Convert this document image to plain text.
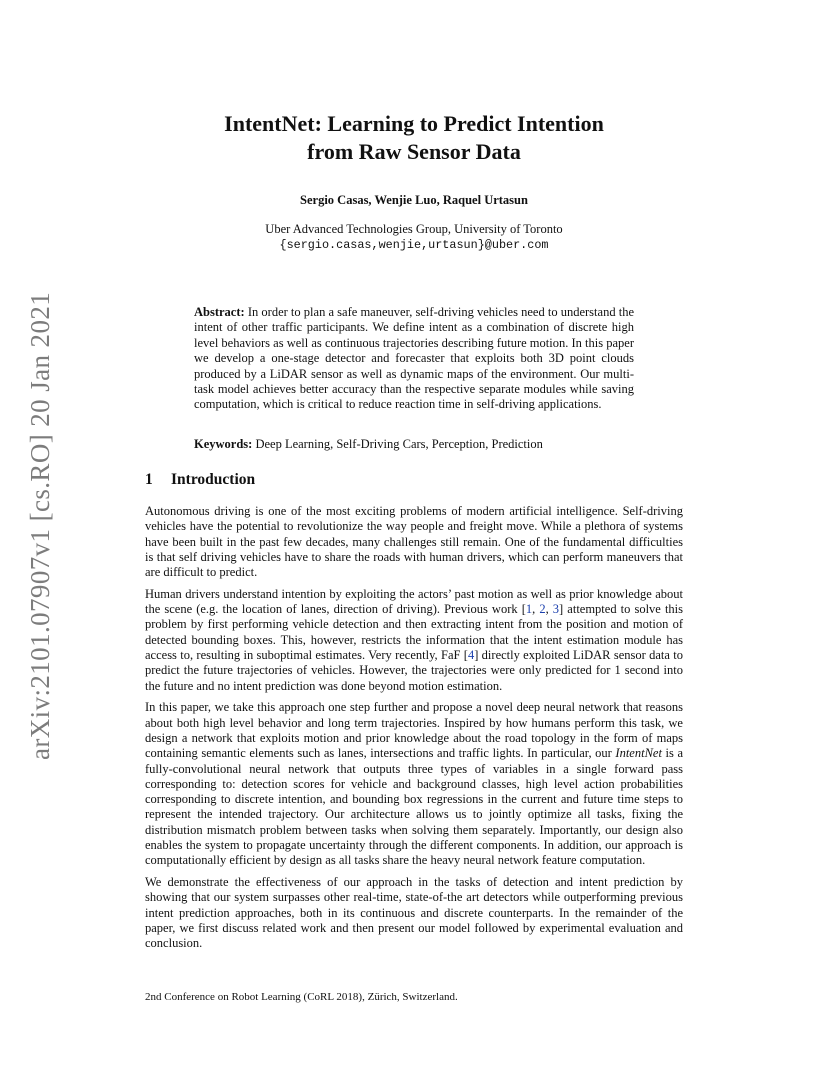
arXiv:2101.07907v1 [cs.RO] 20 Jan 2021
IntentNet: Learning to Predict Intention
from Raw Sensor Data
Sergio Casas, Wenjie Luo, Raquel Urtasun
Uber Advanced Technologies Group, University of Toronto
{sergio.casas,wenjie,urtasun}@uber.com
Abstract: In order to plan a safe maneuver, self-driving vehicles need to understand the intent of other traffic participants. We define intent as a combination of discrete high level behaviors as well as continuous trajectories describing future motion. In this paper we develop a one-stage detector and forecaster that exploits both 3D point clouds produced by a LiDAR sensor as well as dynamic maps of the environment. Our multi-task model achieves better accuracy than the respective separate modules while saving computation, which is critical to reduce reaction time in self-driving applications.
Keywords: Deep Learning, Self-Driving Cars, Perception, Prediction
1 Introduction

Autonomous driving is one of the most exciting problems of modern artificial intelligence. Self-driving vehicles have the potential to revolutionize the way people and freight move. While a plethora of systems have been built in the past few decades, many challenges still remain. One of the fundamental difficulties is that self driving vehicles have to share the roads with human drivers, which can perform maneuvers that are difficult to predict.

Human drivers understand intention by exploiting the actors’ past motion as well as prior knowledge about the scene (e.g. the location of lanes, direction of driving). Previous work [1, 2, 3] attempted to solve this problem by first performing vehicle detection and then extracting intent from the position and motion of detected bounding boxes. This, however, restricts the information that the intent estimation module has access to, resulting in suboptimal estimates. Very recently, FaF [4] directly exploited LiDAR sensor data to predict the future trajectories of vehicles. However, the trajectories were only predicted for 1 second into the future and no intent prediction was done beyond motion estimation.

In this paper, we take this approach one step further and propose a novel deep neural network that reasons about both high level behavior and long term trajectories. Inspired by how humans perform this task, we design a network that exploits motion and prior knowledge about the road topology in the form of maps containing semantic elements such as lanes, intersections and traffic lights. In particular, our IntentNet is a fully-convolutional neural network that outputs three types of variables in a single forward pass corresponding to: detection scores for vehicle and background classes, high level action probabilities corresponding to discrete intention, and bounding box regressions in the current and future time steps to represent the intended trajectory. Our architecture allows us to jointly optimize all tasks, fixing the distribution mismatch problem between tasks when solving them separately. Importantly, our design also enables the system to propagate uncertainty through the different components. In addition, our approach is computationally efficient by design as all tasks share the heavy neural network feature computation.

We demonstrate the effectiveness of our approach in the tasks of detection and intent prediction by showing that our system surpasses other real-time, state-of-the art detectors while outperforming previous intent prediction approaches, both in its continuous and discrete counterparts. In the remainder of the paper, we first discuss related work and then present our model followed by experimental evaluation and conclusion.

2nd Conference on Robot Learning (CoRL 2018), Zürich, Switzerland.
